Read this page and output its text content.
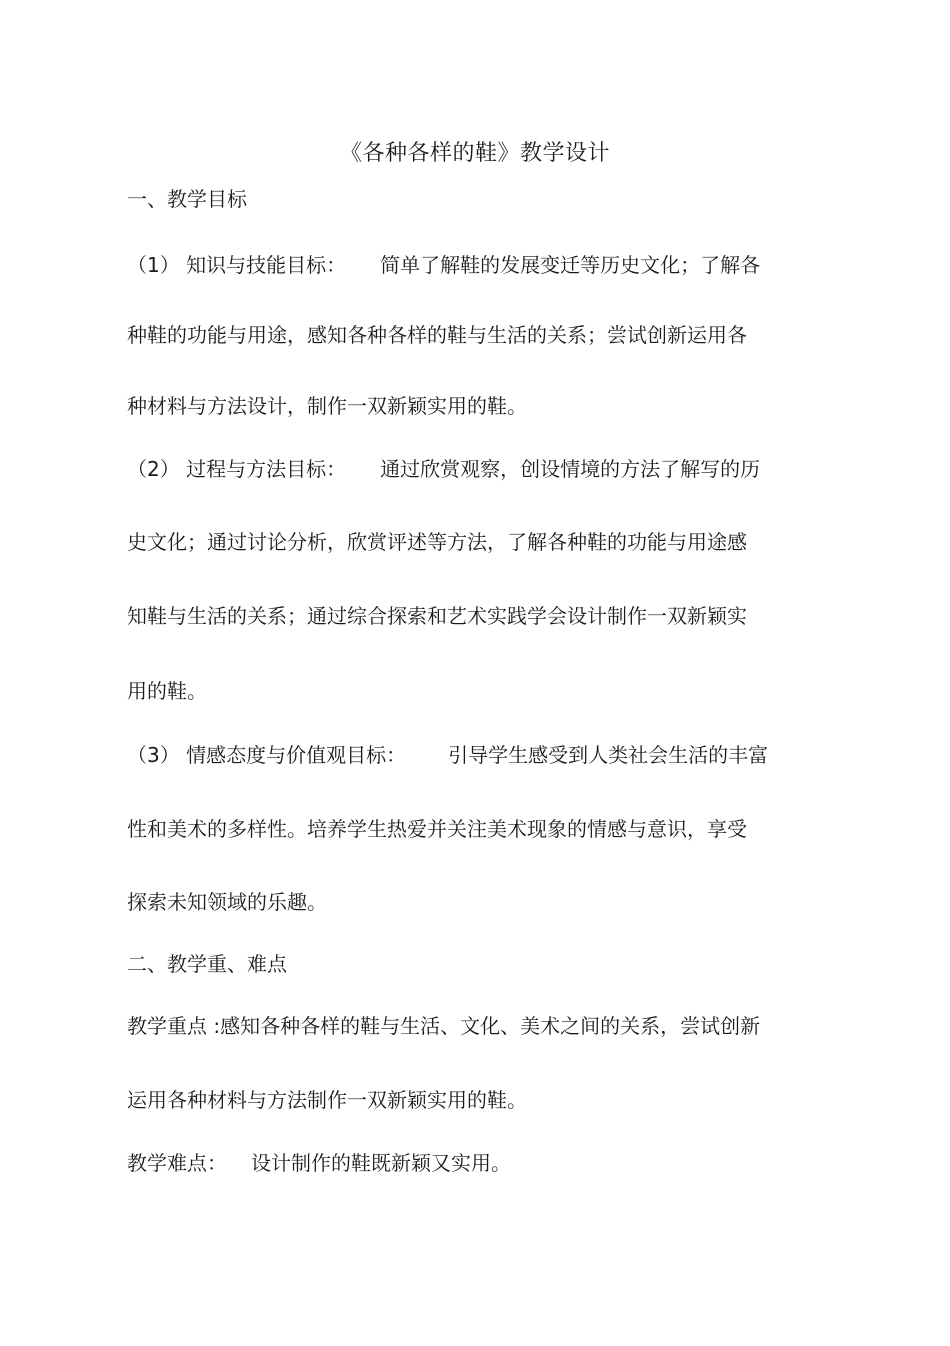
《各种各样的鞋》教学设计
一、教学目标
（1） 知识与技能目标： 简单了解鞋的发展变迁等历史文化；了解各
种鞋的功能与用途，感知各种各样的鞋与生活的关系；尝试创新运用各
种材料与方法设计，制作一双新颖实用的鞋。
（2） 过程与方法目标： 通过欣赏观察，创设情境的方法了解写的历
史文化；通过讨论分析，欣赏评述等方法，了解各种鞋的功能与用途感
知鞋与生活的关系；通过综合探索和艺术实践学会设计制作一双新颖实
用的鞋。
（3） 情感态度与价值观目标： 引导学生感受到人类社会生活的丰富
性和美术的多样性。培养学生热爱并关注美术现象的情感与意识，享受
探索未知领域的乐趣。
二、教学重、难点
教学重点 :感知各种各样的鞋与生活、文化、美术之间的关系，尝试创新
运用各种材料与方法制作一双新颖实用的鞋。
教学难点： 设计制作的鞋既新颖又实用。
